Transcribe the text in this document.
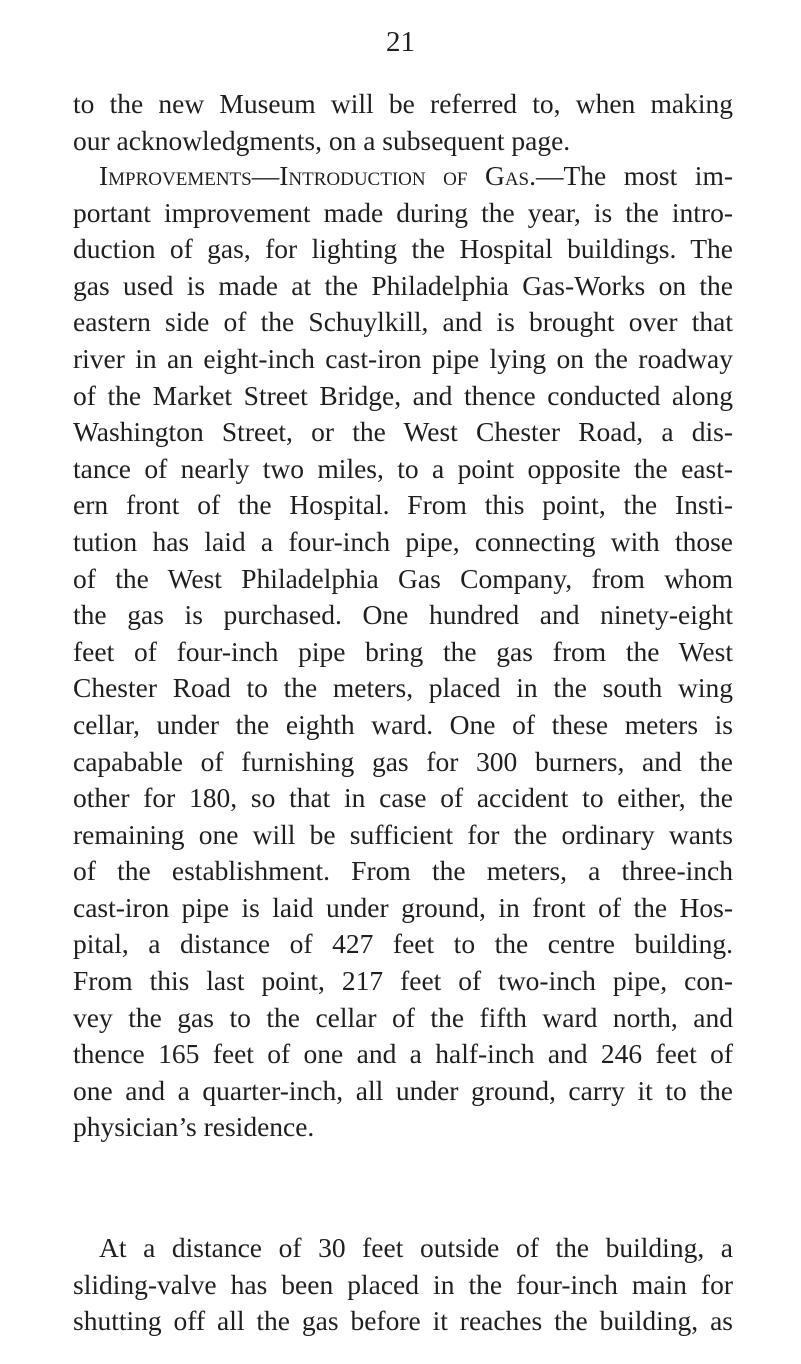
21
to the new Museum will be referred to, when making
our acknowledgments, on a subsequent page.
Improvements—Introduction of Gas.—The most im-
portant improvement made during the year, is the intro-
duction of gas, for lighting the Hospital buildings. The
gas used is made at the Philadelphia Gas-Works on the
eastern side of the Schuylkill, and is brought over that
river in an eight-inch cast-iron pipe lying on the roadway
of the Market Street Bridge, and thence conducted along
Washington Street, or the West Chester Road, a dis-
tance of nearly two miles, to a point opposite the east-
ern front of the Hospital. From this point, the Insti-
tution has laid a four-inch pipe, connecting with those
of the West Philadelphia Gas Company, from whom
the gas is purchased. One hundred and ninety-eight
feet of four-inch pipe bring the gas from the West
Chester Road to the meters, placed in the south wing
cellar, under the eighth ward. One of these meters is
capabable of furnishing gas for 300 burners, and the
other for 180, so that in case of accident to either, the
remaining one will be sufficient for the ordinary wants
of the establishment. From the meters, a three-inch
cast-iron pipe is laid under ground, in front of the Hos-
pital, a distance of 427 feet to the centre building.
From this last point, 217 feet of two-inch pipe, con-
vey the gas to the cellar of the fifth ward north, and
thence 165 feet of one and a half-inch and 246 feet of
one and a quarter-inch, all under ground, carry it to the
physician’s residence.
At a distance of 30 feet outside of the building, a
sliding-valve has been placed in the four-inch main for
shutting off all the gas before it reaches the building, as
